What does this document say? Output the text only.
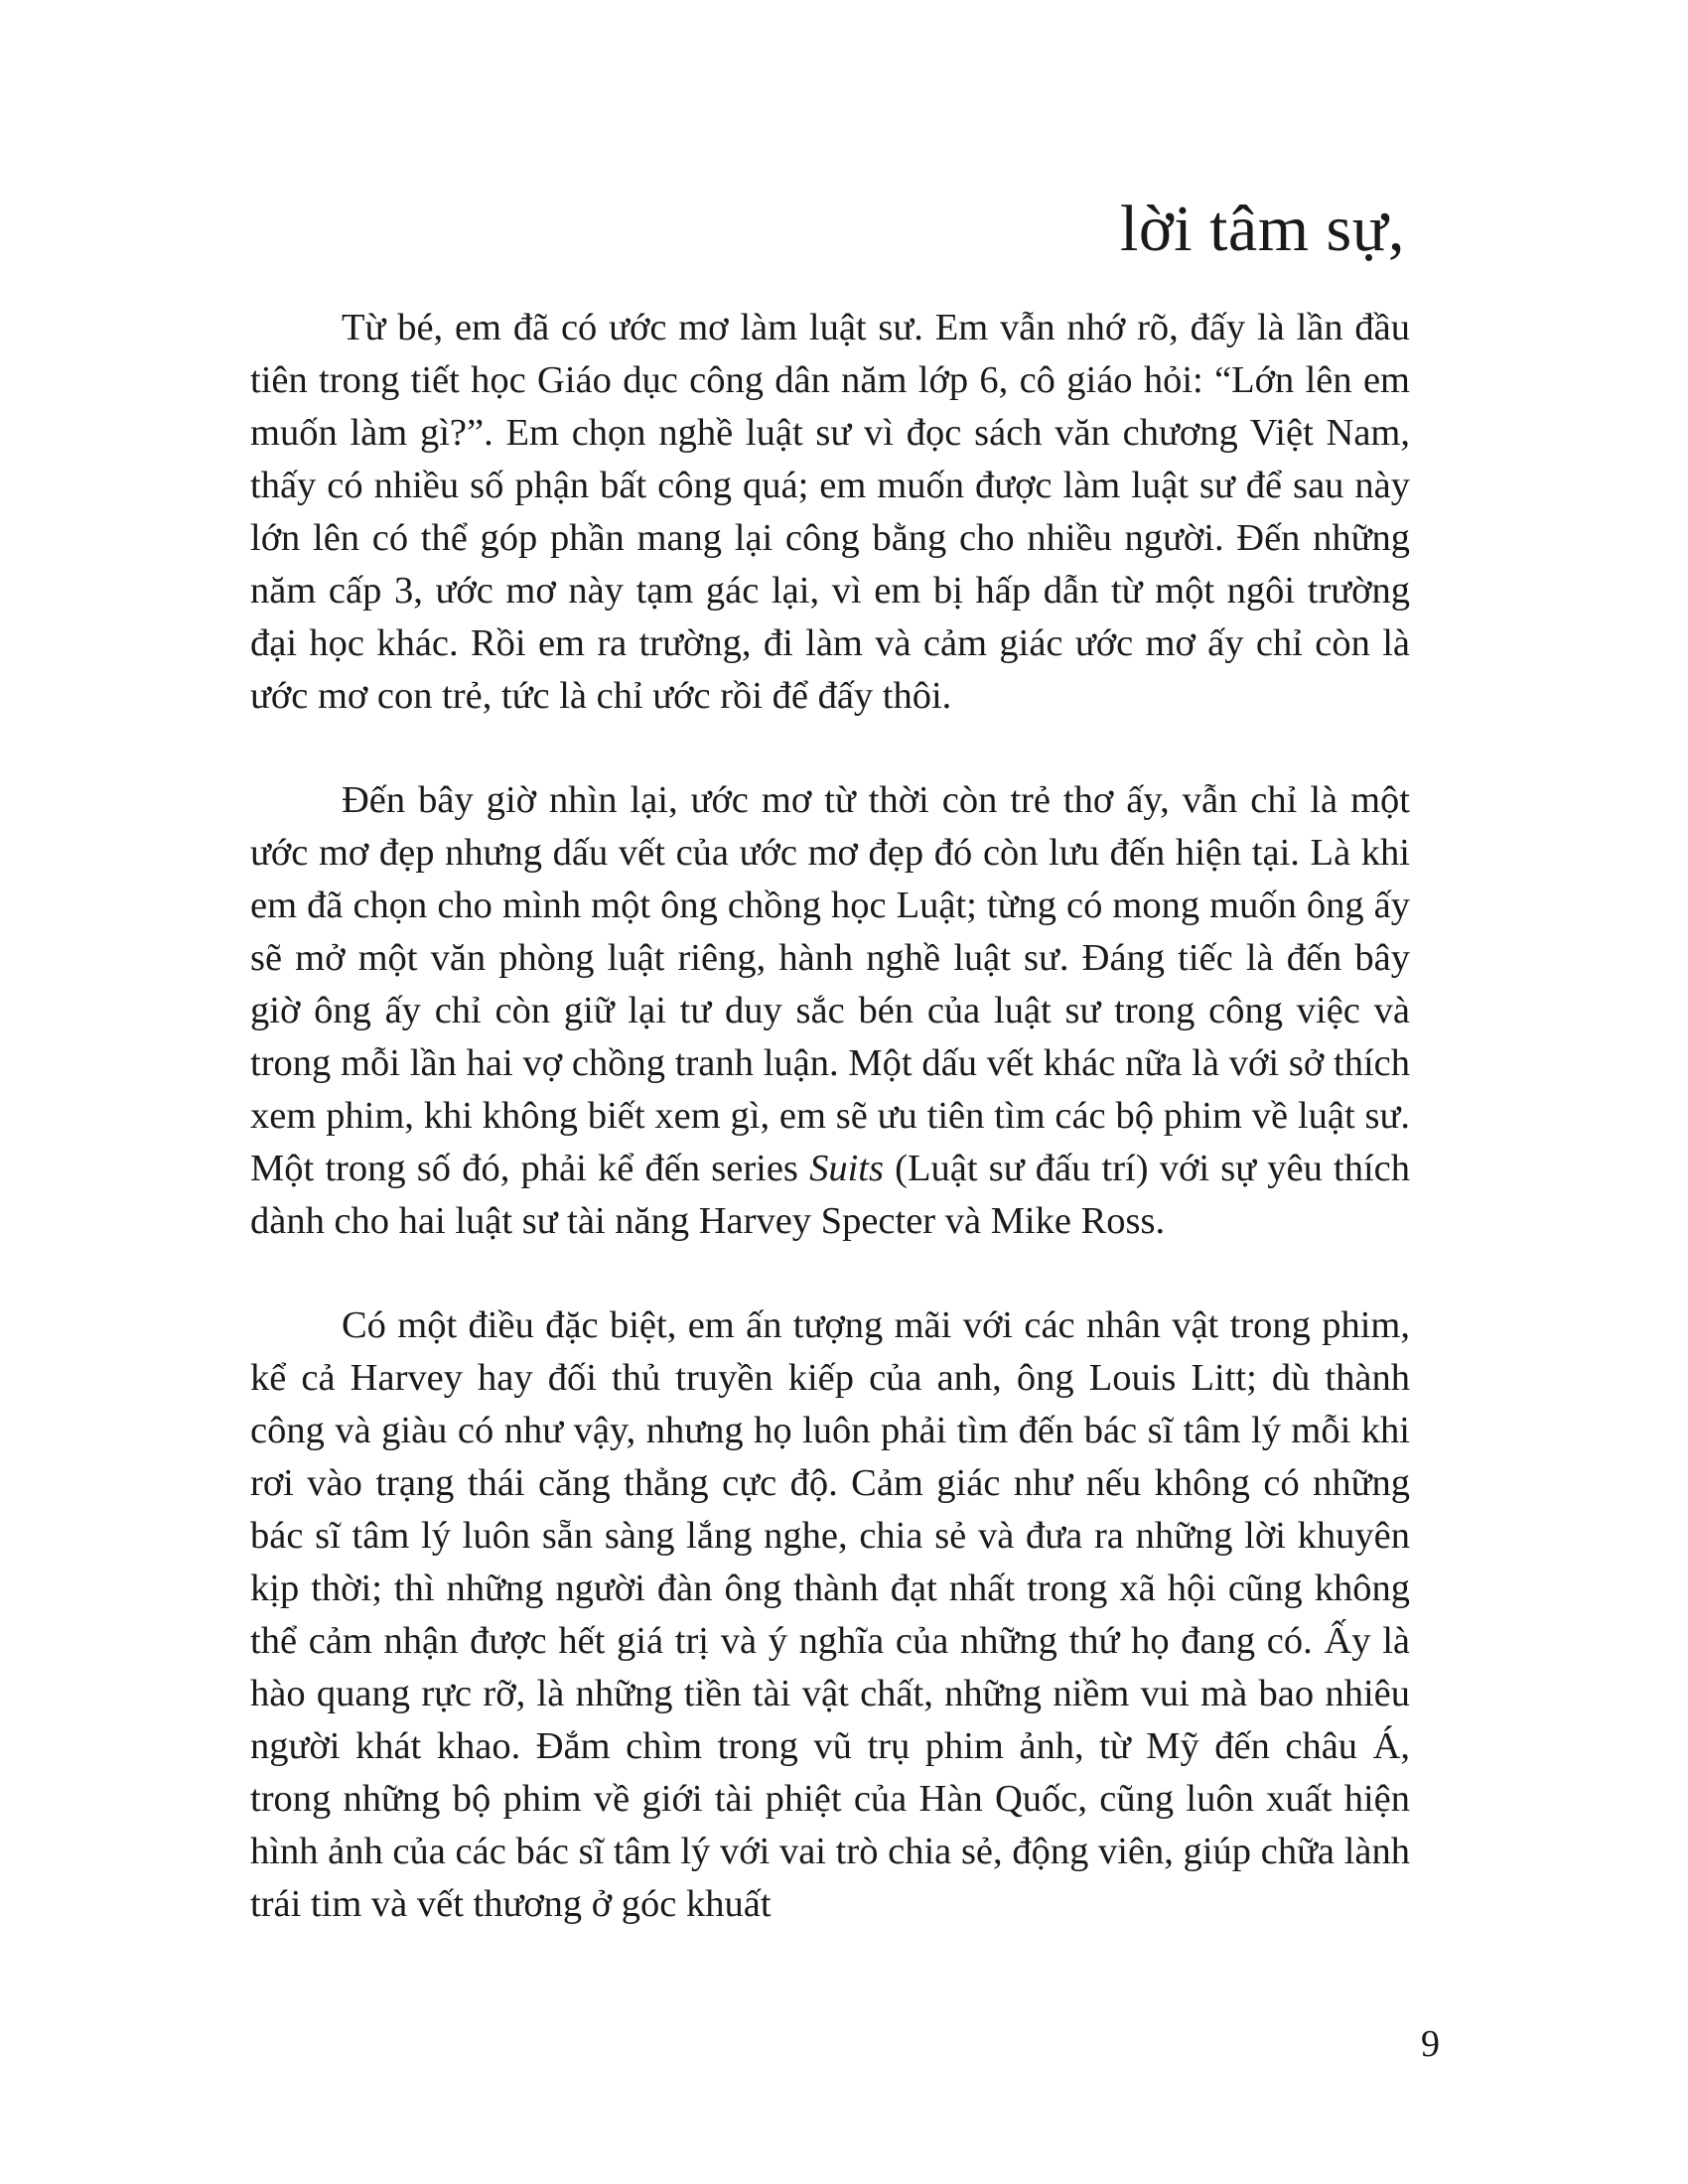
lời tâm sự,

Từ bé, em đã có ước mơ làm luật sư. Em vẫn nhớ rõ, đấy là lần đầu tiên trong tiết học Giáo dục công dân năm lớp 6, cô giáo hỏi: “Lớn lên em muốn làm gì?”. Em chọn nghề luật sư vì đọc sách văn chương Việt Nam, thấy có nhiều số phận bất công quá; em muốn được làm luật sư để sau này lớn lên có thể góp phần mang lại công bằng cho nhiều người. Đến những năm cấp 3, ước mơ này tạm gác lại, vì em bị hấp dẫn từ một ngôi trường đại học khác. Rồi em ra trường, đi làm và cảm giác ước mơ ấy chỉ còn là ước mơ con trẻ, tức là chỉ ước rồi để đấy thôi.

Đến bây giờ nhìn lại, ước mơ từ thời còn trẻ thơ ấy, vẫn chỉ là một ước mơ đẹp nhưng dấu vết của ước mơ đẹp đó còn lưu đến hiện tại. Là khi em đã chọn cho mình một ông chồng học Luật; từng có mong muốn ông ấy sẽ mở một văn phòng luật riêng, hành nghề luật sư. Đáng tiếc là đến bây giờ ông ấy chỉ còn giữ lại tư duy sắc bén của luật sư trong công việc và trong mỗi lần hai vợ chồng tranh luận. Một dấu vết khác nữa là với sở thích xem phim, khi không biết xem gì, em sẽ ưu tiên tìm các bộ phim về luật sư. Một trong số đó, phải kể đến series Suits (Luật sư đấu trí) với sự yêu thích dành cho hai luật sư tài năng Harvey Specter và Mike Ross.

Có một điều đặc biệt, em ấn tượng mãi với các nhân vật trong phim, kể cả Harvey hay đối thủ truyền kiếp của anh, ông Louis Litt; dù thành công và giàu có như vậy, nhưng họ luôn phải tìm đến bác sĩ tâm lý mỗi khi rơi vào trạng thái căng thẳng cực độ. Cảm giác như nếu không có những bác sĩ tâm lý luôn sẵn sàng lắng nghe, chia sẻ và đưa ra những lời khuyên kịp thời; thì những người đàn ông thành đạt nhất trong xã hội cũng không thể cảm nhận được hết giá trị và ý nghĩa của những thứ họ đang có. Ấy là hào quang rực rỡ, là những tiền tài vật chất, những niềm vui mà bao nhiêu người khát khao. Đắm chìm trong vũ trụ phim ảnh, từ Mỹ đến châu Á, trong những bộ phim về giới tài phiệt của Hàn Quốc, cũng luôn xuất hiện hình ảnh của các bác sĩ tâm lý với vai trò chia sẻ, động viên, giúp chữa lành trái tim và vết thương ở góc khuất

9
